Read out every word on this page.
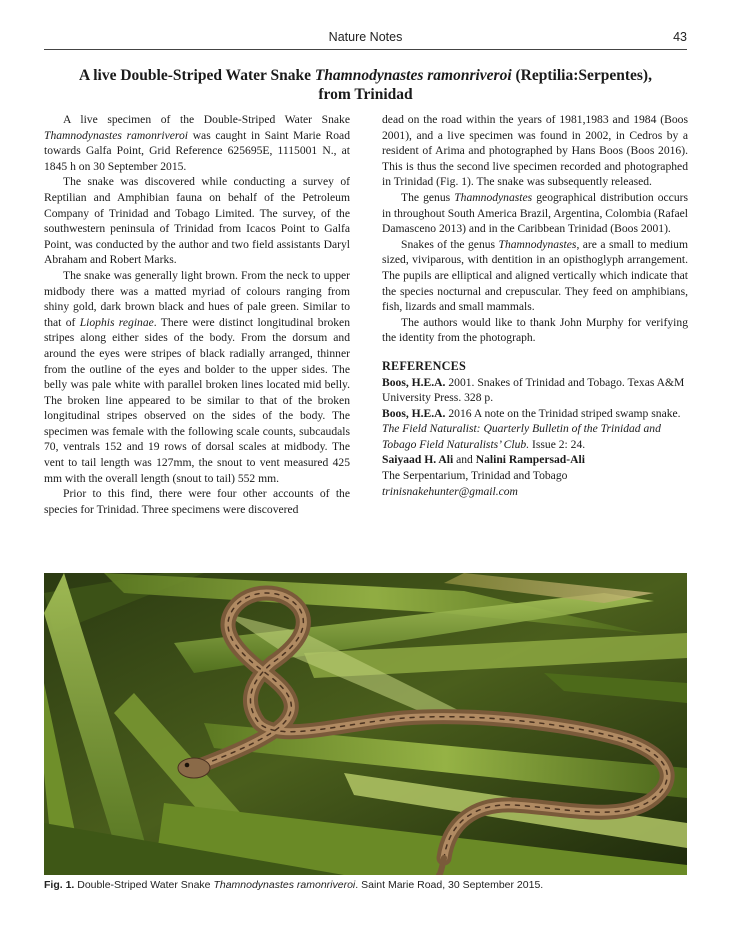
Nature Notes	43
A live Double-Striped Water Snake Thamnodynastes ramonriveroi (Reptilia:Serpentes),
from Trinidad

A live specimen of the Double-Striped Water Snake Thamnodynastes ramonriveroi was caught in Saint Marie Road towards Galfa Point, Grid Reference 625695E, 1115001 N., at 1845 h on 30 September 2015.

The snake was discovered while conducting a survey of Reptilian and Amphibian fauna on behalf of the Petroleum Company of Trinidad and Tobago Limited. The survey, of the southwestern peninsula of Trinidad from Icacos Point to Galfa Point, was conducted by the author and two field assistants Daryl Abraham and Robert Marks.

The snake was generally light brown. From the neck to upper midbody there was a matted myriad of colours ranging from shiny gold, dark brown black and hues of pale green. Similar to that of Liophis reginae. There were distinct longitudinal broken stripes along either sides of the body. From the dorsum and around the eyes were stripes of black radially arranged, thinner from the outline of the eyes and bolder to the upper sides. The belly was pale white with parallel broken lines located mid belly. The broken line appeared to be similar to that of the broken longitudinal stripes observed on the sides of the body. The specimen was female with the following scale counts, subcaudals 70, ventrals 152 and 19 rows of dorsal scales at midbody. The vent to tail length was 127mm, the snout to vent measured 425 mm with the overall length (snout to tail) 552 mm.

Prior to this find, there were four other accounts of the species for Trinidad. Three specimens were discovered

dead on the road within the years of 1981,1983 and 1984 (Boos 2001), and a live specimen was found in 2002, in Cedros by a resident of Arima and photographed by Hans Boos (Boos 2016). This is thus the second live specimen recorded and photographed in Trinidad (Fig. 1). The snake was subsequently released.

The genus Thamnodynastes geographical distribution occurs in throughout South America Brazil, Argentina, Colombia (Rafael Damasceno 2013) and in the Caribbean Trinidad (Boos 2001).

Snakes of the genus Thamnodynastes, are a small to medium sized, viviparous, with dentition in an opisthoglyph arrangement. The pupils are elliptical and aligned vertically which indicate that the species nocturnal and crepuscular. They feed on amphibians, fish, lizards and small mammals.

The authors would like to thank John Murphy for verifying the identity from the photograph.

REFERENCES

Boos, H.E.A. 2001. Snakes of Trinidad and Tobago. Texas A&M University Press. 328 p.

Boos, H.E.A. 2016 A note on the Trinidad striped swamp snake. The Field Naturalist: Quarterly Bulletin of the Trinidad and Tobago Field Naturalists’ Club. Issue 2: 24.

Saiyaad H. Ali and Nalini Rampersad-Ali

The Serpentarium, Trinidad and Tobago

trinisnakehunter@gmail.com

Fig. 1. Double-Striped Water Snake Thamnodynastes ramonriveroi. Saint Marie Road, 30 September 2015.
